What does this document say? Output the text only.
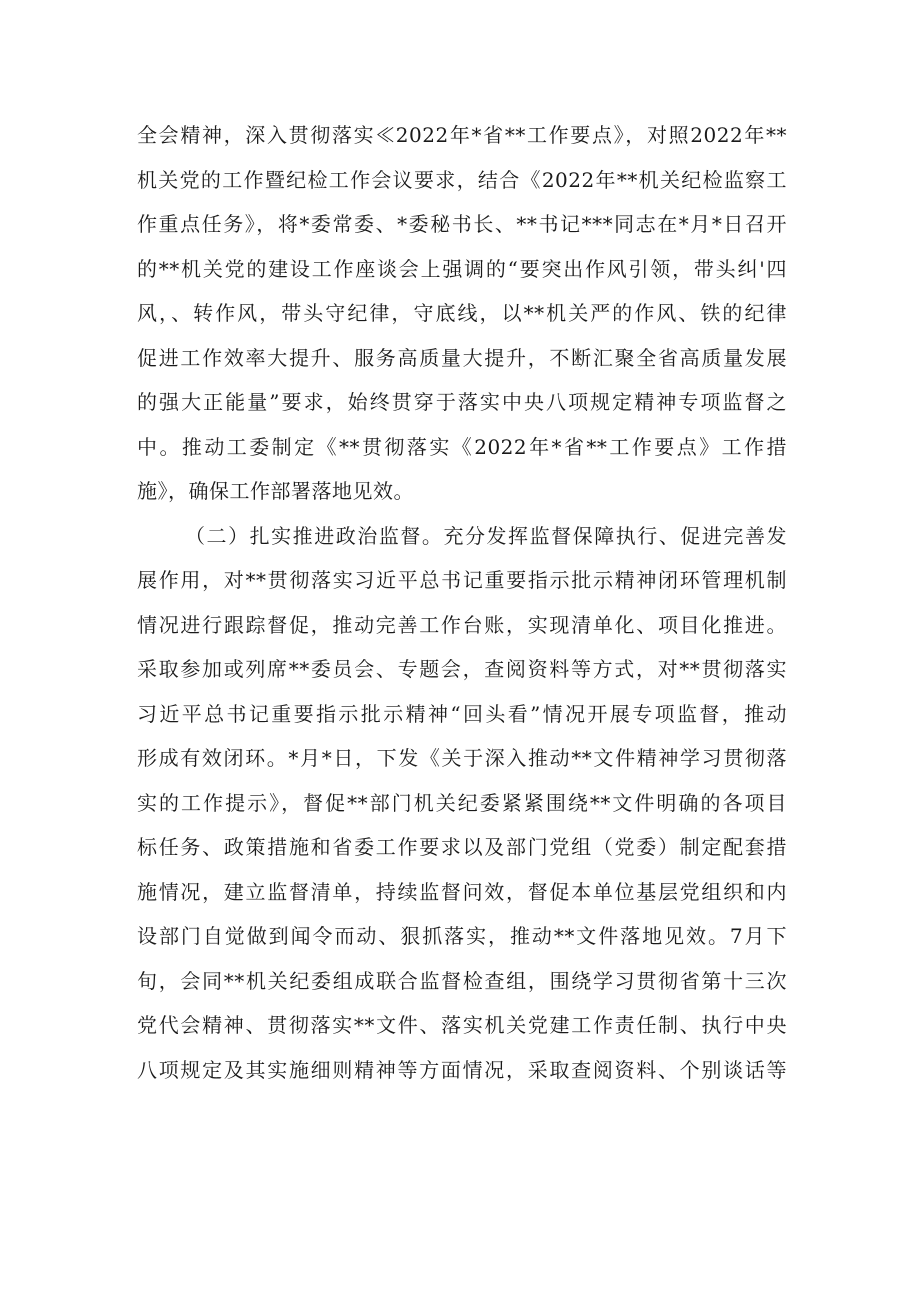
全会精神，深入贯彻落实≪2022年*省**工作要点》，对照2022年**
机关党的工作暨纪检工作会议要求，结合《2022年**机关纪检监察工
作重点任务》，将*委常委、*委秘书长、**书记***同志在*月*日召开
的**机关党的建设工作座谈会上强调的“要突出作风引领，带头纠'四
风，、转作风，带头守纪律，守底线，以**机关严的作风、铁的纪律
促进工作效率大提升、服务高质量大提升，不断汇聚全省高质量发展
的强大正能量”要求，始终贯穿于落实中央八项规定精神专项监督之
中。推动工委制定《**贯彻落实《2022年*省**工作要点》工作措
施》，确保工作部署落地见效。
（二）扎实推进政治监督。充分发挥监督保障执行、促进完善发
展作用，对**贯彻落实习近平总书记重要指示批示精神闭环管理机制
情况进行跟踪督促，推动完善工作台账，实现清单化、项目化推进。
采取参加或列席**委员会、专题会，查阅资料等方式，对**贯彻落实
习近平总书记重要指示批示精神“回头看”情况开展专项监督，推动
形成有效闭环。*月*日，下发《关于深入推动**文件精神学习贯彻落
实的工作提示》，督促**部门机关纪委紧紧围绕**文件明确的各项目
标任务、政策措施和省委工作要求以及部门党组（党委）制定配套措
施情况，建立监督清单，持续监督问效，督促本单位基层党组织和内
设部门自觉做到闻令而动、狠抓落实，推动**文件落地见效。7月下
旬，会同**机关纪委组成联合监督检查组，围绕学习贯彻省第十三次
党代会精神、贯彻落实**文件、落实机关党建工作责任制、执行中央
八项规定及其实施细则精神等方面情况，采取查阅资料、个别谈话等
